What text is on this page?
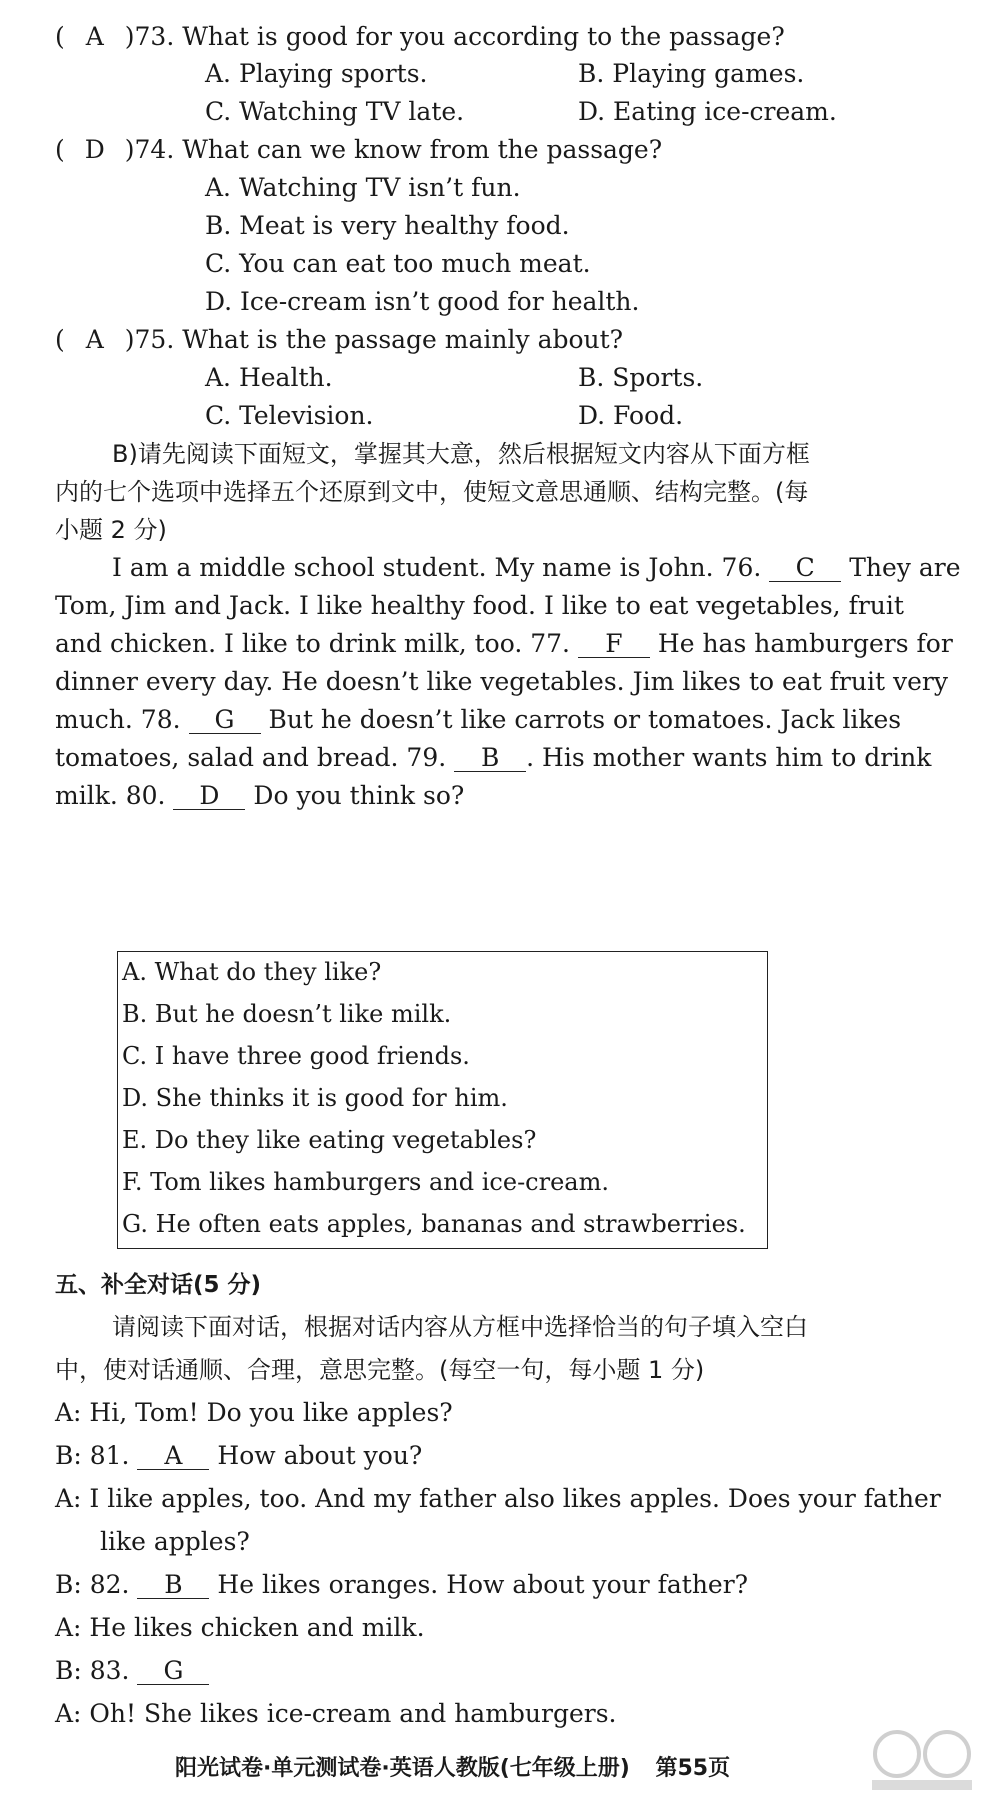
( A )73. What is good for you according to the passage?
A. Playing sports.	B. Playing games.
C. Watching TV late.	D. Eating ice-cream.
( D )74. What can we know from the passage?
A. Watching TV isn’t fun.
B. Meat is very healthy food.
C. You can eat too much meat.
D. Ice-cream isn’t good for health.
( A )75. What is the passage mainly about?
A. Health.	B. Sports.
C. Television.	D. Food.
B)请先阅读下面短文，掌握其大意，然后根据短文内容从下面方框
内的七个选项中选择五个还原到文中，使短文意思通顺、结构完整。(每
小题 2 分)
I am a middle school student. My name is John. 76. C They are
Tom, Jim and Jack. I like healthy food. I like to eat vegetables, fruit
and chicken. I like to drink milk, too. 77. F He has hamburgers for
dinner every day. He doesn’t like vegetables. Jim likes to eat fruit very
much. 78. G But he doesn’t like carrots or tomatoes. Jack likes
tomatoes, salad and bread. 79. B . His mother wants him to drink
milk. 80. D Do you think so?
A. What do they like?
B. But he doesn’t like milk.
C. I have three good friends.
D. She thinks it is good for him.
E. Do they like eating vegetables?
F. Tom likes hamburgers and ice-cream.
G. He often eats apples, bananas and strawberries.
五、补全对话(5 分)
请阅读下面对话，根据对话内容从方框中选择恰当的句子填入空白
中，使对话通顺、合理，意思完整。(每空一句，每小题 1 分)
A: Hi, Tom! Do you like apples?
B: 81. A How about you?
A: I like apples, too. And my father also likes apples. Does your father
like apples?
B: 82. B He likes oranges. How about your father?
A: He likes chicken and milk.
B: 83. G
A: Oh! She likes ice-cream and hamburgers.
阳光试卷·单元测试卷·英语人教版(七年级上册) 第55页
